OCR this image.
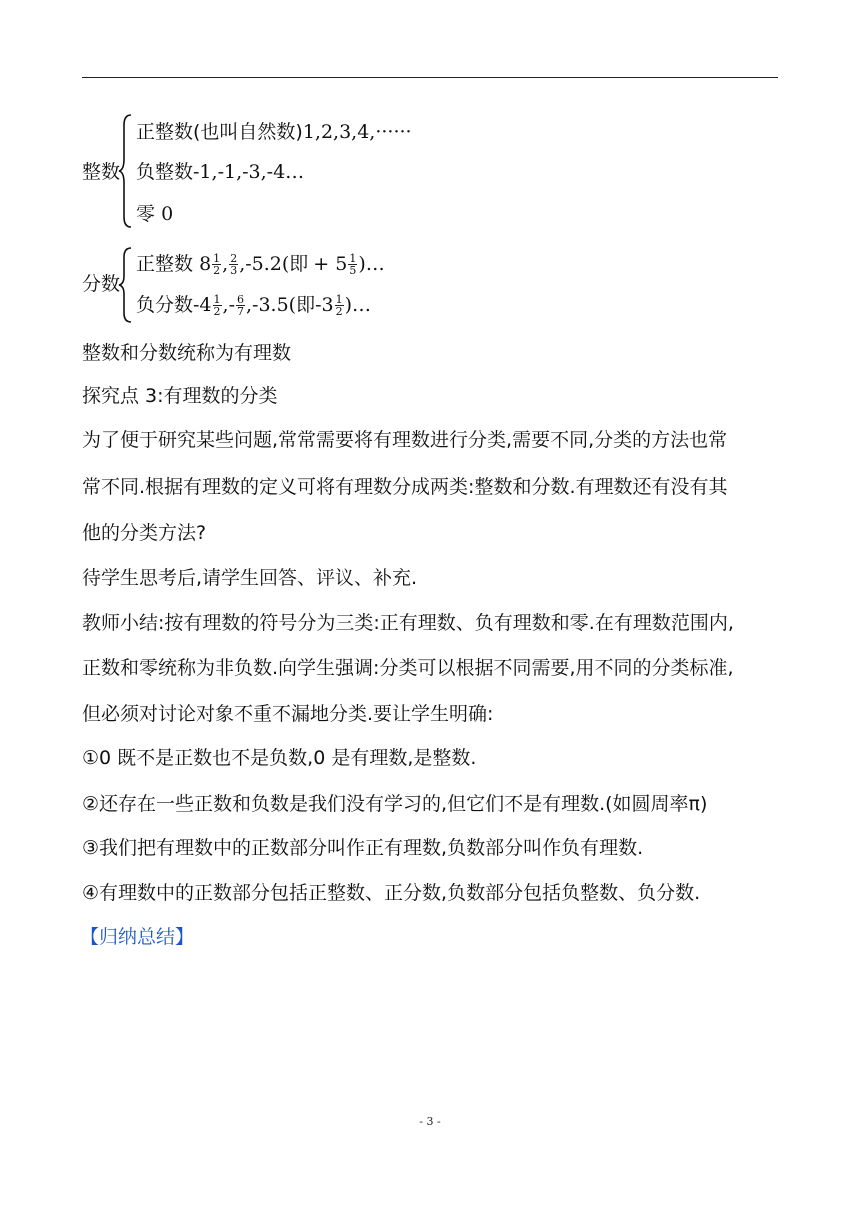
整数
正整数(也叫自然数)1,2,3,4,······
负整数-1,-1,-3,-4…
零 0
分数
正整数 $8 \frac{1}{2}$ , $\frac{2}{3} ,-5.2$(即 + $5 \frac{1}{5}$ )…
负分数$-4 \frac{1}{2}$ ,- $\frac{6}{7} ,-3.5$(即$-3 \frac{1}{2}$ )…
整数和分数统称为有理数
探究点 3:有理数的分类
为了便于研究某些问题,常常需要将有理数进行分类,需要不同,分类的方法也常
常不同.根据有理数的定义可将有理数分成两类:整数和分数.有理数还有没有其
他的分类方法?
待学生思考后,请学生回答、评议、补充.
教师小结:按有理数的符号分为三类:正有理数、负有理数和零.在有理数范围内,
正数和零统称为非负数.向学生强调:分类可以根据不同需要,用不同的分类标准,
但必须对讨论对象不重不漏地分类.要让学生明确:
①0 既不是正数也不是负数,0 是有理数,是整数.
②还存在一些正数和负数是我们没有学习的,但它们不是有理数.(如圆周率π)
③我们把有理数中的正数部分叫作正有理数,负数部分叫作负有理数.
④有理数中的正数部分包括正整数、正分数,负数部分包括负整数、负分数.
【归纳总结】
- 3 -
